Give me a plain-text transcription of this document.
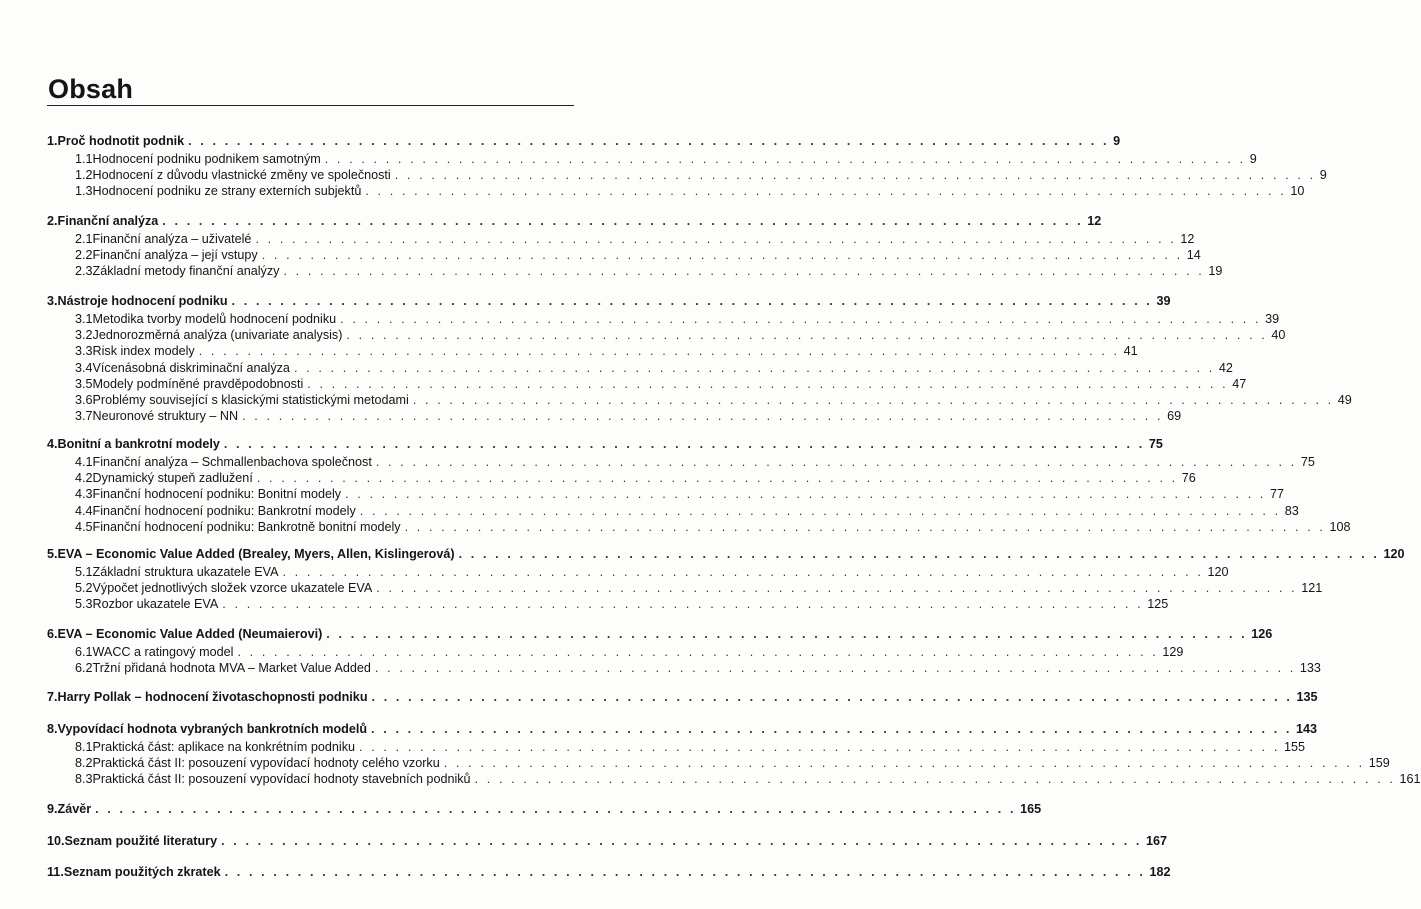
Obsah
1. Proč hodnotit podnik . . . . . . . . . . . . . . . . . . . . . . . . . . . . . . . . . . . . . . . . . . . . . . . . . . . . . . . . . . . . . . . . . . . . . . . . . . . . 9
1.1 Hodnocení podniku podnikem samotným . . . . . . . . . . . . . . . . . . . . . . . . . . . . . . . . . . . . . . . . . . . . . . . . . . . . . . . . . . . . . . . . . . . . . . . . . . . . 9
1.2 Hodnocení z důvodu vlastnické změny ve společnosti . . . . . . . . . . . . . . . . . . . . . . . . . . . . . . . . . . . . . . . . . . . . . . . . . . . . . . . . . . . . . . . . . . . . . . . . . . . . 9
1.3 Hodnocení podniku ze strany externích subjektů . . . . . . . . . . . . . . . . . . . . . . . . . . . . . . . . . . . . . . . . . . . . . . . . . . . . . . . . . . . . . . . . . . . . . . . . . . . . 10
2. Finanční analýza . . . . . . . . . . . . . . . . . . . . . . . . . . . . . . . . . . . . . . . . . . . . . . . . . . . . . . . . . . . . . . . . . . . . . . . . . . . . 12
2.1 Finanční analýza – uživatelé . . . . . . . . . . . . . . . . . . . . . . . . . . . . . . . . . . . . . . . . . . . . . . . . . . . . . . . . . . . . . . . . . . . . . . . . . . . . 12
2.2 Finanční analýza – její vstupy . . . . . . . . . . . . . . . . . . . . . . . . . . . . . . . . . . . . . . . . . . . . . . . . . . . . . . . . . . . . . . . . . . . . . . . . . . . . 14
2.3 Základní metody finanční analýzy . . . . . . . . . . . . . . . . . . . . . . . . . . . . . . . . . . . . . . . . . . . . . . . . . . . . . . . . . . . . . . . . . . . . . . . . . . . . 19
3. Nástroje hodnocení podniku . . . . . . . . . . . . . . . . . . . . . . . . . . . . . . . . . . . . . . . . . . . . . . . . . . . . . . . . . . . . . . . . . . . . . . . . . . . . 39
3.1 Metodika tvorby modelů hodnocení podniku . . . . . . . . . . . . . . . . . . . . . . . . . . . . . . . . . . . . . . . . . . . . . . . . . . . . . . . . . . . . . . . . . . . . . . . . . . . . 39
3.2 Jednorozměrná analýza (univariate analysis) . . . . . . . . . . . . . . . . . . . . . . . . . . . . . . . . . . . . . . . . . . . . . . . . . . . . . . . . . . . . . . . . . . . . . . . . . . . . 40
3.3 Risk index modely . . . . . . . . . . . . . . . . . . . . . . . . . . . . . . . . . . . . . . . . . . . . . . . . . . . . . . . . . . . . . . . . . . . . . . . . . . . . 41
3.4 Vícenásobná diskriminační analýza . . . . . . . . . . . . . . . . . . . . . . . . . . . . . . . . . . . . . . . . . . . . . . . . . . . . . . . . . . . . . . . . . . . . . . . . . . . . 42
3.5 Modely podmíněné pravděpodobnosti . . . . . . . . . . . . . . . . . . . . . . . . . . . . . . . . . . . . . . . . . . . . . . . . . . . . . . . . . . . . . . . . . . . . . . . . . . . . 47
3.6 Problémy související s klasickými statistickými metodami . . . . . . . . . . . . . . . . . . . . . . . . . . . . . . . . . . . . . . . . . . . . . . . . . . . . . . . . . . . . . . . . . . . . . . . . . . . . 49
3.7 Neuronové struktury – NN . . . . . . . . . . . . . . . . . . . . . . . . . . . . . . . . . . . . . . . . . . . . . . . . . . . . . . . . . . . . . . . . . . . . . . . . . . . . 69
4. Bonitní a bankrotní modely . . . . . . . . . . . . . . . . . . . . . . . . . . . . . . . . . . . . . . . . . . . . . . . . . . . . . . . . . . . . . . . . . . . . . . . . . . . . 75
4.1 Finanční analýza – Schmallenbachova společnost . . . . . . . . . . . . . . . . . . . . . . . . . . . . . . . . . . . . . . . . . . . . . . . . . . . . . . . . . . . . . . . . . . . . . . . . . . . . 75
4.2 Dynamický stupeň zadlužení . . . . . . . . . . . . . . . . . . . . . . . . . . . . . . . . . . . . . . . . . . . . . . . . . . . . . . . . . . . . . . . . . . . . . . . . . . . . 76
4.3 Finanční hodnocení podniku: Bonitní modely . . . . . . . . . . . . . . . . . . . . . . . . . . . . . . . . . . . . . . . . . . . . . . . . . . . . . . . . . . . . . . . . . . . . . . . . . . . . 77
4.4 Finanční hodnocení podniku: Bankrotní modely . . . . . . . . . . . . . . . . . . . . . . . . . . . . . . . . . . . . . . . . . . . . . . . . . . . . . . . . . . . . . . . . . . . . . . . . . . . . 83
4.5 Finanční hodnocení podniku: Bankrotně bonitní modely . . . . . . . . . . . . . . . . . . . . . . . . . . . . . . . . . . . . . . . . . . . . . . . . . . . . . . . . . . . . . . . . . . . . . . . . . . . . 108
5. EVA – Economic Value Added (Brealey, Myers, Allen, Kislingerová) . . . . . . . . . . . . . . . . . . . . . . . . . . . . . . . . . . . . . . . . . . . . . . . . . . . . . . . . . . . . . . . . . . . . . . . . . . . . 120
5.1 Základní struktura ukazatele EVA . . . . . . . . . . . . . . . . . . . . . . . . . . . . . . . . . . . . . . . . . . . . . . . . . . . . . . . . . . . . . . . . . . . . . . . . . . . . 120
5.2 Výpočet jednotlivých složek vzorce ukazatele EVA . . . . . . . . . . . . . . . . . . . . . . . . . . . . . . . . . . . . . . . . . . . . . . . . . . . . . . . . . . . . . . . . . . . . . . . . . . . . 121
5.3 Rozbor ukazatele EVA . . . . . . . . . . . . . . . . . . . . . . . . . . . . . . . . . . . . . . . . . . . . . . . . . . . . . . . . . . . . . . . . . . . . . . . . . . . . 125
6. EVA – Economic Value Added (Neumaierovi) . . . . . . . . . . . . . . . . . . . . . . . . . . . . . . . . . . . . . . . . . . . . . . . . . . . . . . . . . . . . . . . . . . . . . . . . . . . . 126
6.1 WACC a ratingový model . . . . . . . . . . . . . . . . . . . . . . . . . . . . . . . . . . . . . . . . . . . . . . . . . . . . . . . . . . . . . . . . . . . . . . . . . . . . 129
6.2 Tržní přidaná hodnota MVA – Market Value Added . . . . . . . . . . . . . . . . . . . . . . . . . . . . . . . . . . . . . . . . . . . . . . . . . . . . . . . . . . . . . . . . . . . . . . . . . . . . 133
7. Harry Pollak – hodnocení životaschopnosti podniku . . . . . . . . . . . . . . . . . . . . . . . . . . . . . . . . . . . . . . . . . . . . . . . . . . . . . . . . . . . . . . . . . . . . . . . . . . . . 135
8. Vypovídací hodnota vybraných bankrotních modelů . . . . . . . . . . . . . . . . . . . . . . . . . . . . . . . . . . . . . . . . . . . . . . . . . . . . . . . . . . . . . . . . . . . . . . . . . . . . 143
8.1 Praktická část: aplikace na konkrétním podniku . . . . . . . . . . . . . . . . . . . . . . . . . . . . . . . . . . . . . . . . . . . . . . . . . . . . . . . . . . . . . . . . . . . . . . . . . . . . 155
8.2 Praktická část II: posouzení vypovídací hodnoty celého vzorku . . . . . . . . . . . . . . . . . . . . . . . . . . . . . . . . . . . . . . . . . . . . . . . . . . . . . . . . . . . . . . . . . . . . . . . . . . . . 159
8.3 Praktická část II: posouzení vypovídací hodnoty stavebních podniků . . . . . . . . . . . . . . . . . . . . . . . . . . . . . . . . . . . . . . . . . . . . . . . . . . . . . . . . . . . . . . . . . . . . . . . . . . . . 161
9. Závěr . . . . . . . . . . . . . . . . . . . . . . . . . . . . . . . . . . . . . . . . . . . . . . . . . . . . . . . . . . . . . . . . . . . . . . . . . . . . 165
10. Seznam použité literatury . . . . . . . . . . . . . . . . . . . . . . . . . . . . . . . . . . . . . . . . . . . . . . . . . . . . . . . . . . . . . . . . . . . . . . . . . . . . 167
11. Seznam použitých zkratek . . . . . . . . . . . . . . . . . . . . . . . . . . . . . . . . . . . . . . . . . . . . . . . . . . . . . . . . . . . . . . . . . . . . . . . . . . . . 182
